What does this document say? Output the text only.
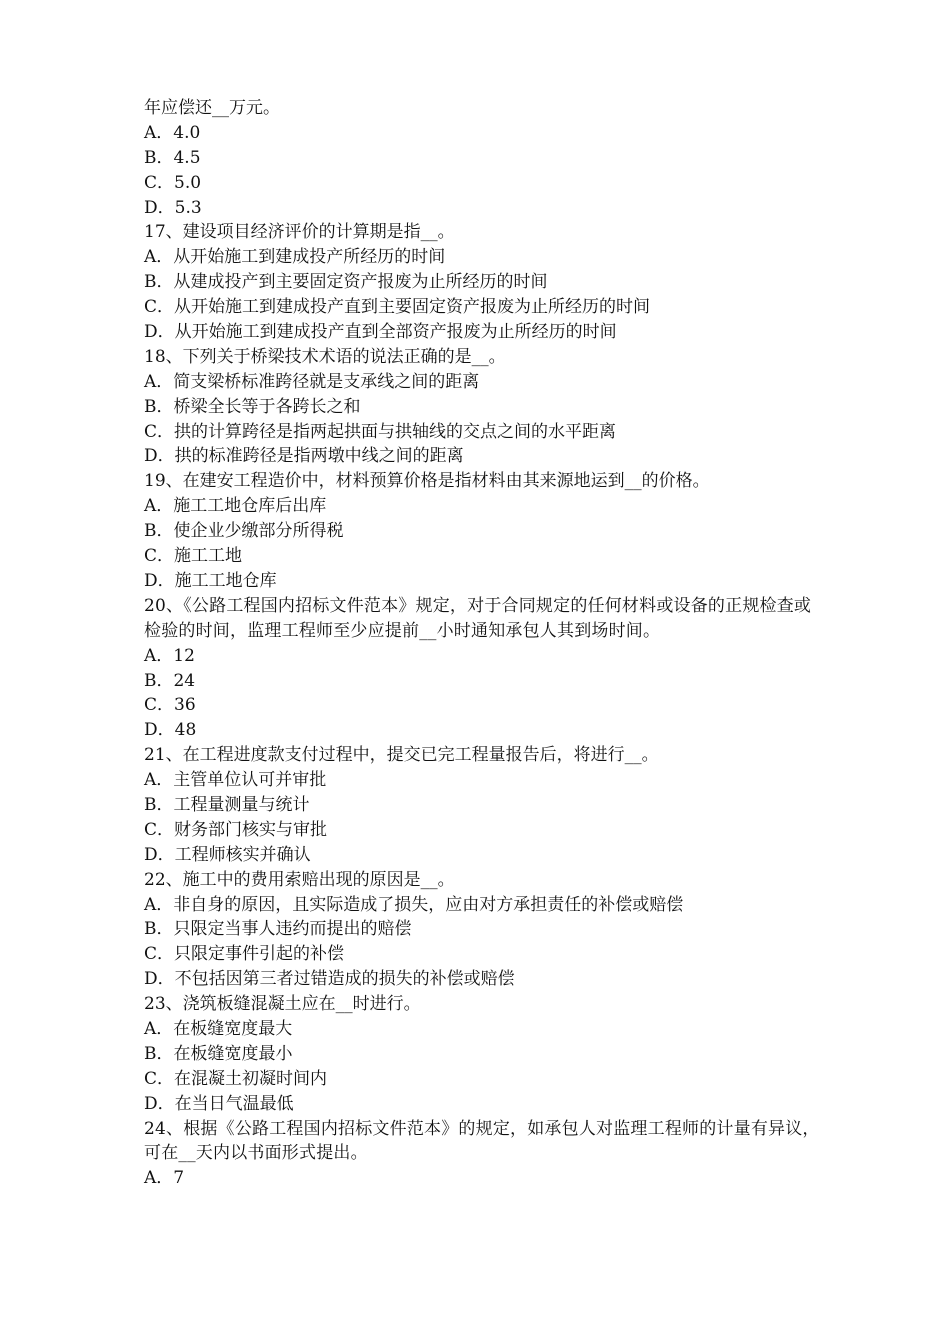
年应偿还__万元。
A．4.0
B．4.5
C．5.0
D．5.3
17、建设项目经济评价的计算期是指__。
A．从开始施工到建成投产所经历的时间
B．从建成投产到主要固定资产报废为止所经历的时间
C．从开始施工到建成投产直到主要固定资产报废为止所经历的时间
D．从开始施工到建成投产直到全部资产报废为止所经历的时间
18、下列关于桥梁技术术语的说法正确的是__。
A．简支梁桥标准跨径就是支承线之间的距离
B．桥梁全长等于各跨长之和
C．拱的计算跨径是指两起拱面与拱轴线的交点之间的水平距离
D．拱的标准跨径是指两墩中线之间的距离
19、在建安工程造价中，材料预算价格是指材料由其来源地运到__的价格。
A．施工工地仓库后出库
B．使企业少缴部分所得税
C．施工工地
D．施工工地仓库
20、《公路工程国内招标文件范本》规定，对于合同规定的任何材料或设备的正规检查或检验的时间，监理工程师至少应提前__小时通知承包人其到场时间。
A．12
B．24
C．36
D．48
21、在工程进度款支付过程中，提交已完工程量报告后，将进行__。
A．主管单位认可并审批
B．工程量测量与统计
C．财务部门核实与审批
D．工程师核实并确认
22、施工中的费用索赔出现的原因是__。
A．非自身的原因，且实际造成了损失，应由对方承担责任的补偿或赔偿
B．只限定当事人违约而提出的赔偿
C．只限定事件引起的补偿
D．不包括因第三者过错造成的损失的补偿或赔偿
23、浇筑板缝混凝土应在__时进行。
A．在板缝宽度最大
B．在板缝宽度最小
C．在混凝土初凝时间内
D．在当日气温最低
24、根据《公路工程国内招标文件范本》的规定，如承包人对监理工程师的计量有异议，可在__天内以书面形式提出。
A．7
